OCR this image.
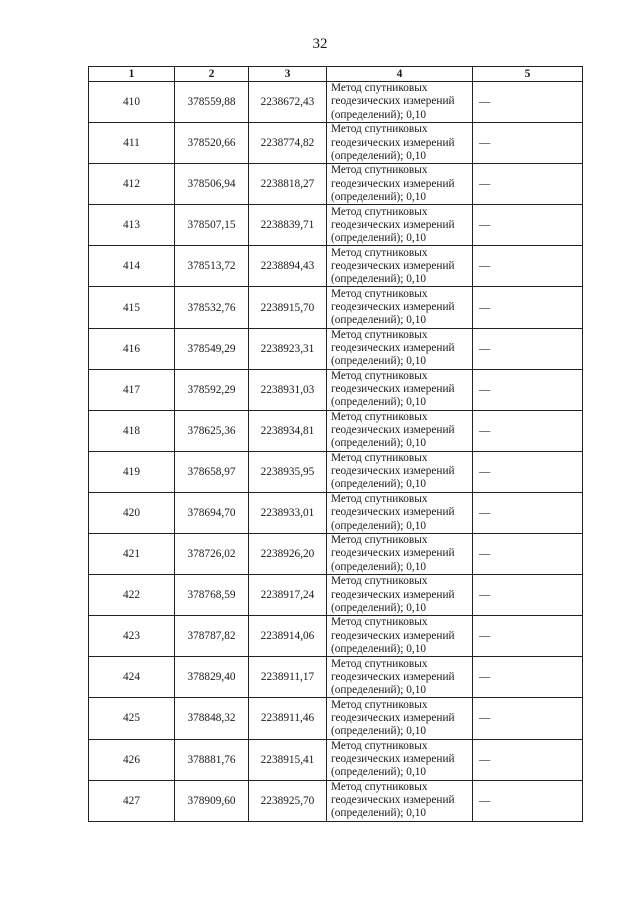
32
1	2	3	4	5
410	378559,88	2238672,43	Метод спутниковых
геодезических измерений
(определений); 0,10	—
411	378520,66	2238774,82	Метод спутниковых
геодезических измерений
(определений); 0,10	—
412	378506,94	2238818,27	Метод спутниковых
геодезических измерений
(определений); 0,10	—
413	378507,15	2238839,71	Метод спутниковых
геодезических измерений
(определений); 0,10	—
414	378513,72	2238894,43	Метод спутниковых
геодезических измерений
(определений); 0,10	—
415	378532,76	2238915,70	Метод спутниковых
геодезических измерений
(определений); 0,10	—
416	378549,29	2238923,31	Метод спутниковых
геодезических измерений
(определений); 0,10	—
417	378592,29	2238931,03	Метод спутниковых
геодезических измерений
(определений); 0,10	—
418	378625,36	2238934,81	Метод спутниковых
геодезических измерений
(определений); 0,10	—
419	378658,97	2238935,95	Метод спутниковых
геодезических измерений
(определений); 0,10	—
420	378694,70	2238933,01	Метод спутниковых
геодезических измерений
(определений); 0,10	—
421	378726,02	2238926,20	Метод спутниковых
геодезических измерений
(определений); 0,10	—
422	378768,59	2238917,24	Метод спутниковых
геодезических измерений
(определений); 0,10	—
423	378787,82	2238914,06	Метод спутниковых
геодезических измерений
(определений); 0,10	—
424	378829,40	2238911,17	Метод спутниковых
геодезических измерений
(определений); 0,10	—
425	378848,32	2238911,46	Метод спутниковых
геодезических измерений
(определений); 0,10	—
426	378881,76	2238915,41	Метод спутниковых
геодезических измерений
(определений); 0,10	—
427	378909,60	2238925,70	Метод спутниковых
геодезических измерений
(определений); 0,10	—
